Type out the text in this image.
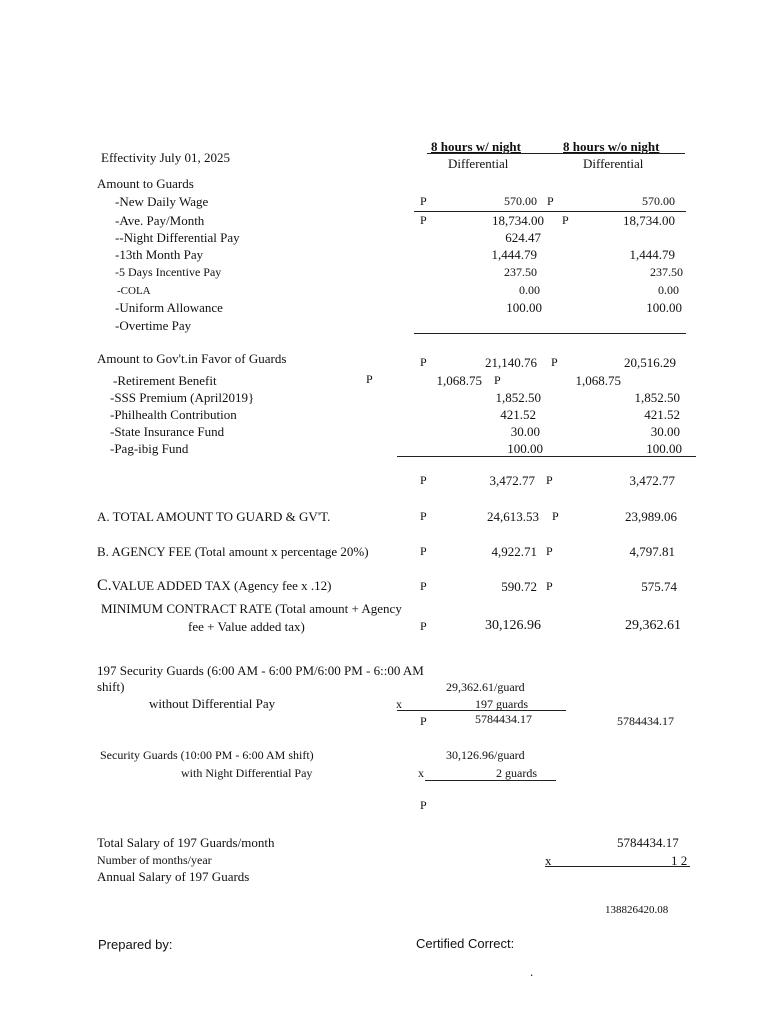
Effectivity July 01, 2025
8 hours w/ night
Differential
8 hours w/o night
Differential
Amount to Guards
-New Daily Wage	P	570.00 P	570.00
-Ave. Pay/Month	P	18,734.00 P	18,734.00
--Night Differential Pay	624.47
-13th Month Pay	1,444.79	1,444.79
-5 Days Incentive Pay	237.50	237.50
-COLA	0.00	0.00
-Uniform Allowance	100.00	100.00
-Overtime Pay
Amount to Gov't.in Favor of Guards	P	21,140.76 P	20,516.29
-Retirement Benefit	P	1,068.75 P	1,068.75
-SSS Premium (April2019}	1,852.50	1,852.50
-Philhealth Contribution	421.52	421.52
-State Insurance Fund	30.00	30.00
-Pag-ibig Fund	100.00	100.00
P	3,472.77 P	3,472.77
A. TOTAL AMOUNT TO GUARD & GV'T.	P	24,613.53 P	23,989.06
B. AGENCY FEE (Total amount x percentage 20%)	P	4,922.71 P	4,797.81
C.VALUE ADDED TAX (Agency fee x .12)	P	590.72 P	575.74
MINIMUM CONTRACT RATE (Total amount + Agency
fee + Value added tax)	P	30,126.96	29,362.61
197 Security Guards (6:00 AM - 6:00 PM/6:00 PM - 6::00 AM
shift)
without Differential Pay
29,362.61/guard
x	197 guards
P	5784434.17	5784434.17
Security Guards (10:00 PM - 6:00 AM shift)
with Night Differential Pay
30,126.96/guard
x	2 guards
P
Total Salary of 197 Guards/month	5784434.17
Number of months/year	x	1 2
Annual Salary of 197 Guards
138826420.08
Prepared by:	Certified Correct:
.
